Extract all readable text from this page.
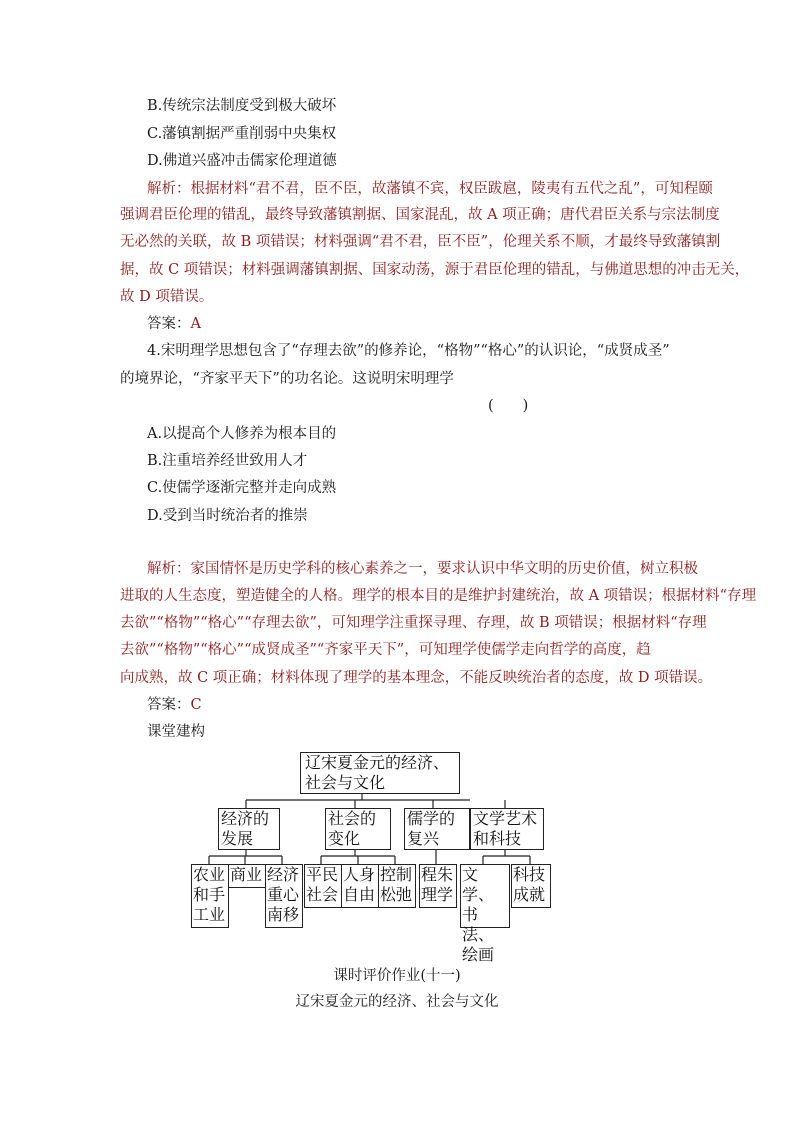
B.传统宗法制度受到极大破坏
C.藩镇割据严重削弱中央集权
D.佛道兴盛冲击儒家伦理道德
解析：根据材料“君不君，臣不臣，故藩镇不宾，权臣跋扈，陵夷有五代之乱”，可知程颐
强调君臣伦理的错乱，最终导致藩镇割据、国家混乱，故 A 项正确；唐代君臣关系与宗法制度
无必然的关联，故 B 项错误；材料强调“君不君，臣不臣”，伦理关系不顺，才最终导致藩镇割
据，故 C 项错误；材料强调藩镇割据、国家动荡，源于君臣伦理的错乱，与佛道思想的冲击无关，
故 D 项错误。
答案：A
4.宋明理学思想包含了“存理去欲”的修养论，“格物”“格心”的认识论，“成贤成圣”
的境界论，“齐家平天下”的功名论。这说明宋明理学
(　　)
A.以提高个人修养为根本目的
B.注重培养经世致用人才
C.使儒学逐渐完整并走向成熟
D.受到当时统治者的推崇
解析：家国情怀是历史学科的核心素养之一，要求认识中华文明的历史价值，树立积极
进取的人生态度，塑造健全的人格。理学的根本目的是维护封建统治，故 A 项错误；根据材料“存理
去欲”“格物”“格心”“存理去欲”，可知理学注重探寻理、存理，故 B 项错误；根据材料“存理
去欲”“格物”“格心”“成贤成圣”“齐家平天下”，可知理学使儒学走向哲学的高度，趋
向成熟，故 C 项正确；材料体现了理学的基本理念，不能反映统治者的态度，故 D 项错误。
答案：C
课堂建构
辽宋夏金元的经济、
社会与文化
经济的
发展
社会的
变化
儒学的
复兴
文学艺术
和科技
农业
和手
工业
商业 经济
重心
南移
平民
社会
人身
自由
控制
松弛
程朱
理学
文学、
书法、
绘画
科技
成就
课时评价作业(十一)
辽宋夏金元的经济、社会与文化
